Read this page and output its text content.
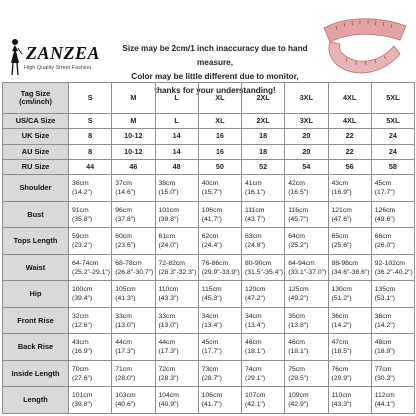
ZANZEA
High Quality Street Fashion
Size may be 2cm/1 inch inaccuracy due to hand measure,
Color may be little different due to monitor,
thanks for your understanding!
Tag Size (cm/inch)	S	M	L	XL	2XL	3XL	4XL	5XL
US/CA Size	S	M	L	XL	2XL	3XL	4XL	5XL
UK Size	8	10-12	14	16	18	20	22	24
AU Size	8	10-12	14	16	18	20	22	24
RU Size	44	46	48	50	52	54	56	58
Shoulder	36cm
(14.2")	37cm
(14.6")	38cm
(15.0")	40cm
(15.7")	41cm
(16.1")	42cm
(16.5")	43cm
(16.9")	45cm
(17.7")

Bust	91cm
(35.8")	96cm
(37.8")	101cm
(39.8")	106cm
(41.7")	111cm
(43.7")	116cm
(45.7")	121cm
(47.6")	126cm
(49.6")

Tops Length	59cm
(23.2")	60cm
(23.6")	61cm
(24.0")	62cm
(24.4")	63cm
(24.8")	64cm
(25.2")	65cm
(25.6")	66cm
(26.0")

Waist	64-74cm
(25.2"-29.1")	68-78cm
(26.8"-30.7")	72-82cm
(28.3"-32.3")	76-86cm
(29.9"-33.9")	80-90cm
(31.5"-35.4")	84-94cm
(33.1"-37.0")	88-98cm
(34.6"-38.6")	92-102cm
(36.2"-40.2")

Hip	100cm
(39.4")	105cm
(41.3")	110cm
(43.3")	115cm
(45.3")	120cm
(47.2")	125cm
(49.2")	130cm
(51.2")	135cm
(53.1")

Front Rise	32cm
(12.6")	33cm
(13.0")	33cm
(13.0")	34cm
(13.4")	34cm
(13.4")	35cm
(13.8")	36cm
(14.2")	36cm
(14.2")

Back Rise	43cm
(16.9")	44cm
(17.3")	44cm
(17.3")	45cm
(17.7")	46cm
(18.1")	46cm
(18.1")	47cm
(18.5")	48cm
(18.9")

Inside Length	70cm
(27.6")	71cm
(28.0")	72cm
(28.3")	73cm
(28.7")	74cm
(29.1")	75cm
(29.5")	76cm
(29.9")	77cm
(30.3")

Length	101cm
(39.8")	103cm
(40.6")	104cm
(40.9")	106cm
(41.7")	107cm
(42.1")	109cm
(42.9")	110cm
(43.3")	112cm
(44.1")
